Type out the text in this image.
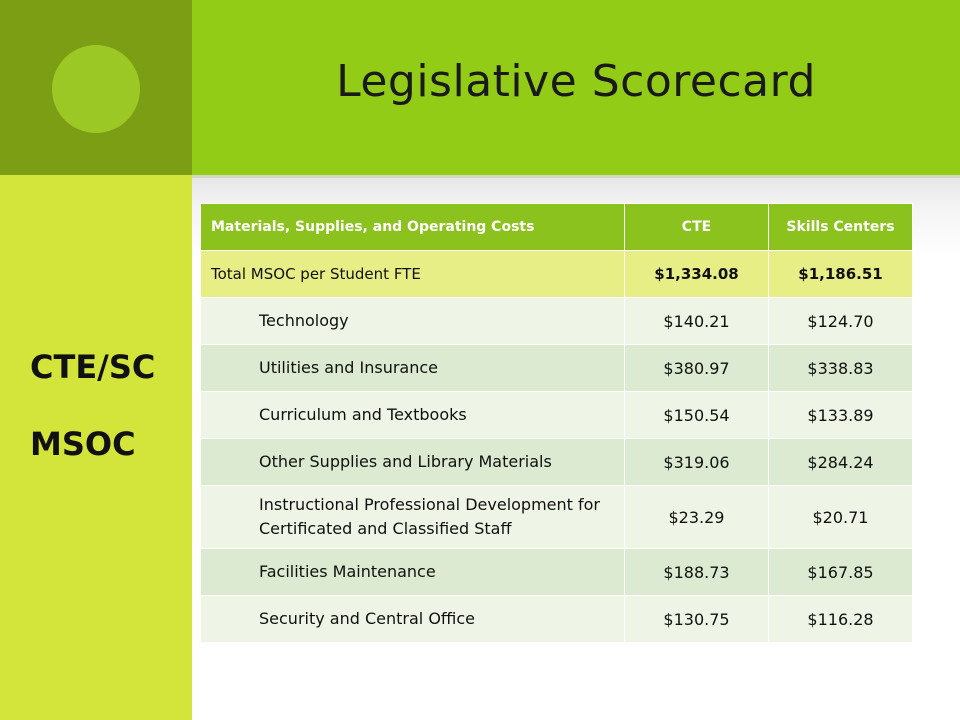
Legislative Scorecard
CTE/SC
MSOC
Materials, Supplies, and Operating Costs	CTE	Skills Centers
Total MSOC per Student FTE	$1,334.08	$1,186.51
Technology	$140.21	$124.70
Utilities and Insurance	$380.97	$338.83
Curriculum and Textbooks	$150.54	$133.89
Other Supplies and Library Materials	$319.06	$284.24
Instructional Professional Development for Certificated and Classified Staff	$23.29	$20.71
Facilities Maintenance	$188.73	$167.85
Security and Central Office	$130.75	$116.28
